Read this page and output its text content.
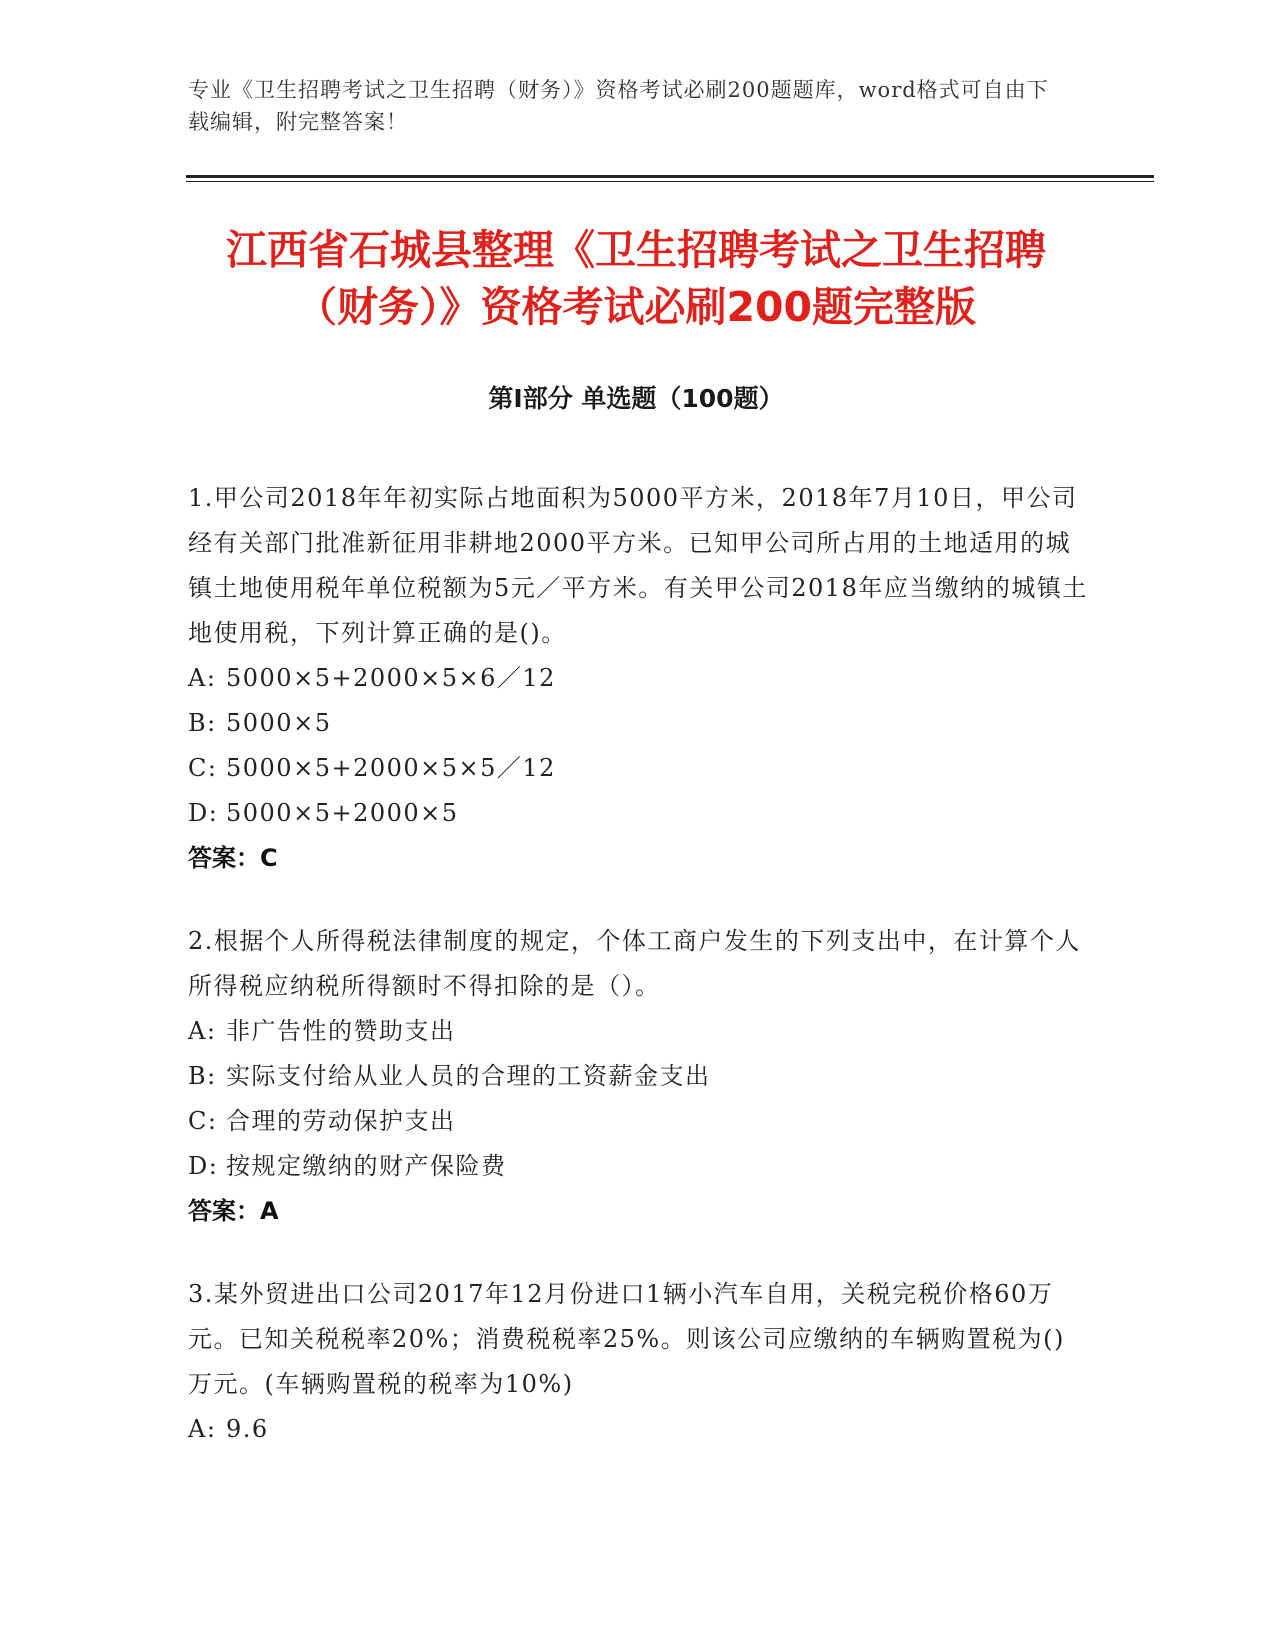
专业《卫生招聘考试之卫生招聘（财务）》资格考试必刷200题题库，word格式可自由下载编辑，附完整答案！
江西省石城县整理《卫生招聘考试之卫生招聘（财务）》资格考试必刷200题完整版
第Ⅰ部分 单选题（100题）
1.甲公司2018年年初实际占地面积为5000平方米，2018年7月10日，甲公司经有关部门批准新征用非耕地2000平方米。已知甲公司所占用的土地适用的城镇土地使用税年单位税额为5元／平方米。有关甲公司2018年应当缴纳的城镇土地使用税，下列计算正确的是()。
A: 5000×5+2000×5×6／12
B: 5000×5
C: 5000×5+2000×5×5／12
D: 5000×5+2000×5
答案：C
2.根据个人所得税法律制度的规定，个体工商户发生的下列支出中，在计算个人所得税应纳税所得额时不得扣除的是（）。
A: 非广告性的赞助支出
B: 实际支付给从业人员的合理的工资薪金支出
C: 合理的劳动保护支出
D: 按规定缴纳的财产保险费
答案：A
3.某外贸进出口公司2017年12月份进口1辆小汽车自用，关税完税价格60万元。已知关税税率20%；消费税税率25%。则该公司应缴纳的车辆购置税为()万元。(车辆购置税的税率为10%)
A: 9.6
